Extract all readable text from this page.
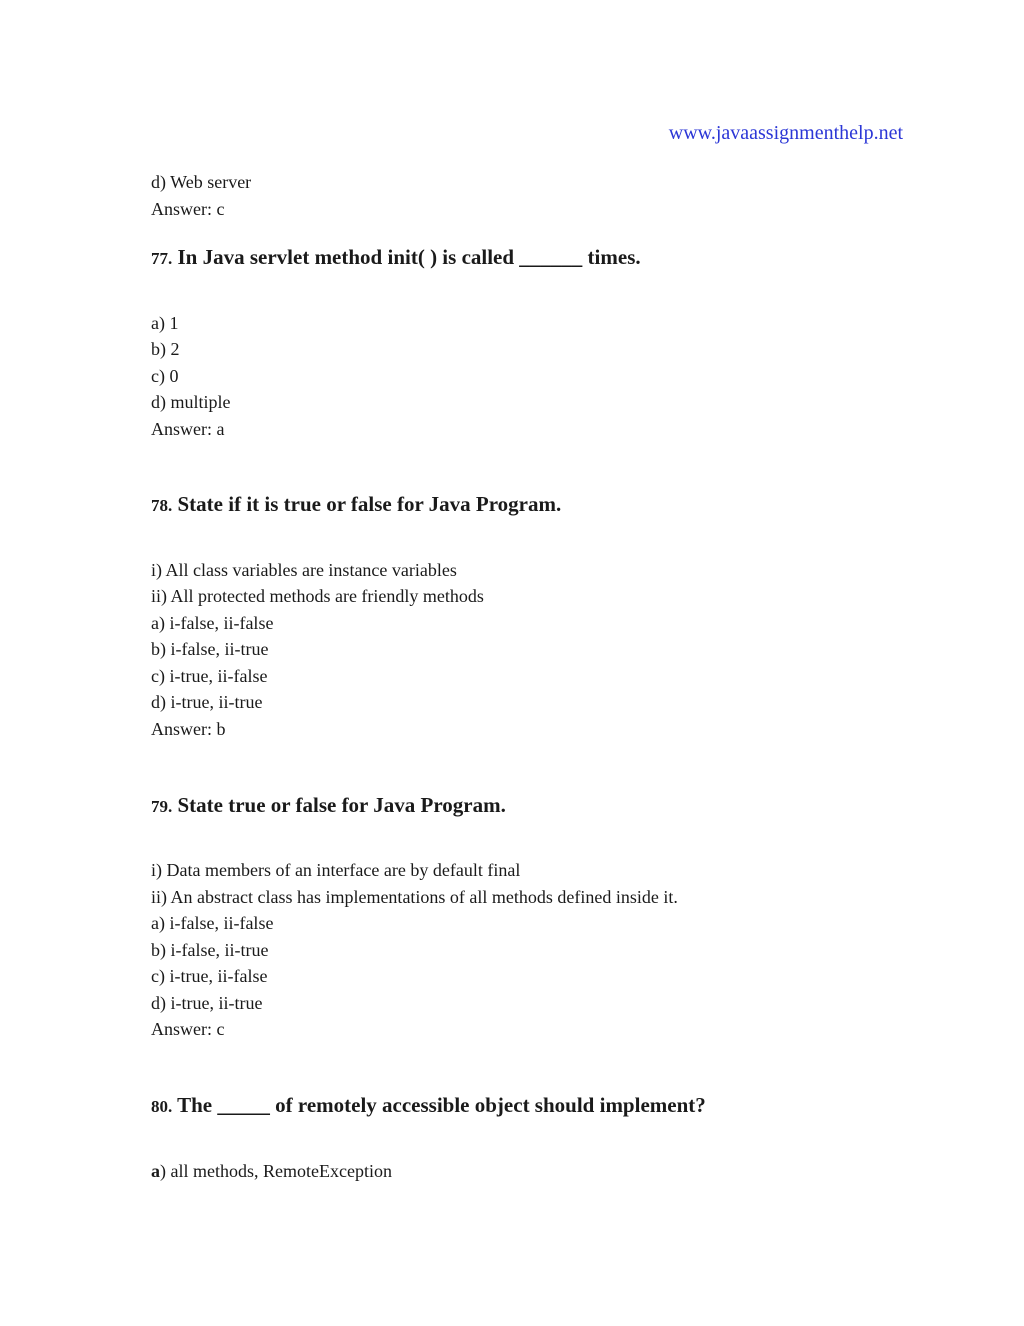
www.javaassignmenthelp.net
d) Web server
Answer: c
77. In Java servlet method init( ) is called ______ times.
a) 1
b) 2
c) 0
d) multiple
Answer: a
78. State if it is true or false for Java Program.
i) All class variables are instance variables
ii) All protected methods are friendly methods
a) i-false, ii-false
b) i-false, ii-true
c) i-true, ii-false
d) i-true, ii-true
Answer: b
79. State true or false for Java Program.
i) Data members of an interface are by default final
ii) An abstract class has implementations of all methods defined inside it.
a) i-false, ii-false
b) i-false, ii-true
c) i-true, ii-false
d) i-true, ii-true
Answer: c
80. The _____ of remotely accessible object should implement?
a) all methods, RemoteException
